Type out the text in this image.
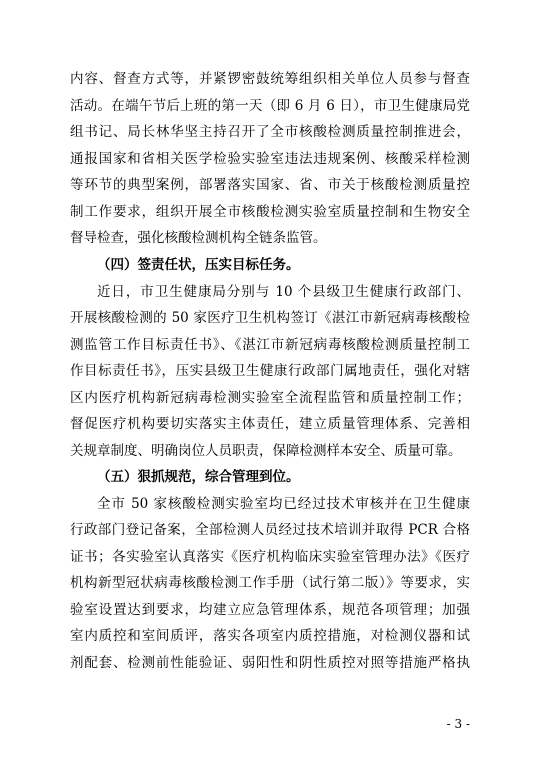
内容、督查方式等，并紧锣密鼓统筹组织相关单位人员参与督查
活动。在端午节后上班的第一天（即 6 月 6 日），市卫生健康局党
组书记、局长林华坚主持召开了全市核酸检测质量控制推进会，
通报国家和省相关医学检验实验室违法违规案例、核酸采样检测
等环节的典型案例，部署落实国家、省、市关于核酸检测质量控
制工作要求，组织开展全市核酸检测实验室质量控制和生物安全
督导检查，强化核酸检测机构全链条监管。
（四）签责任状，压实目标任务。
近日，市卫生健康局分别与 10 个县级卫生健康行政部门、
开展核酸检测的 50 家医疗卫生机构签订《湛江市新冠病毒核酸检
测监管工作目标责任书》、《湛江市新冠病毒核酸检测质量控制工
作目标责任书》，压实县级卫生健康行政部门属地责任，强化对辖
区内医疗机构新冠病毒检测实验室全流程监管和质量控制工作；
督促医疗机构要切实落实主体责任，建立质量管理体系、完善相
关规章制度、明确岗位人员职责，保障检测样本安全、质量可靠。
（五）狠抓规范，综合管理到位。
全市 50 家核酸检测实验室均已经过技术审核并在卫生健康
行政部门登记备案，全部检测人员经过技术培训并取得 PCR 合格
证书；各实验室认真落实《医疗机构临床实验室管理办法》《医疗
机构新型冠状病毒核酸检测工作手册（试行第二版）》等要求，实
验室设置达到要求，均建立应急管理体系，规范各项管理；加强
室内质控和室间质评，落实各项室内质控措施，对检测仪器和试
剂配套、检测前性能验证、弱阳性和阴性质控对照等措施严格执
- 3 -
